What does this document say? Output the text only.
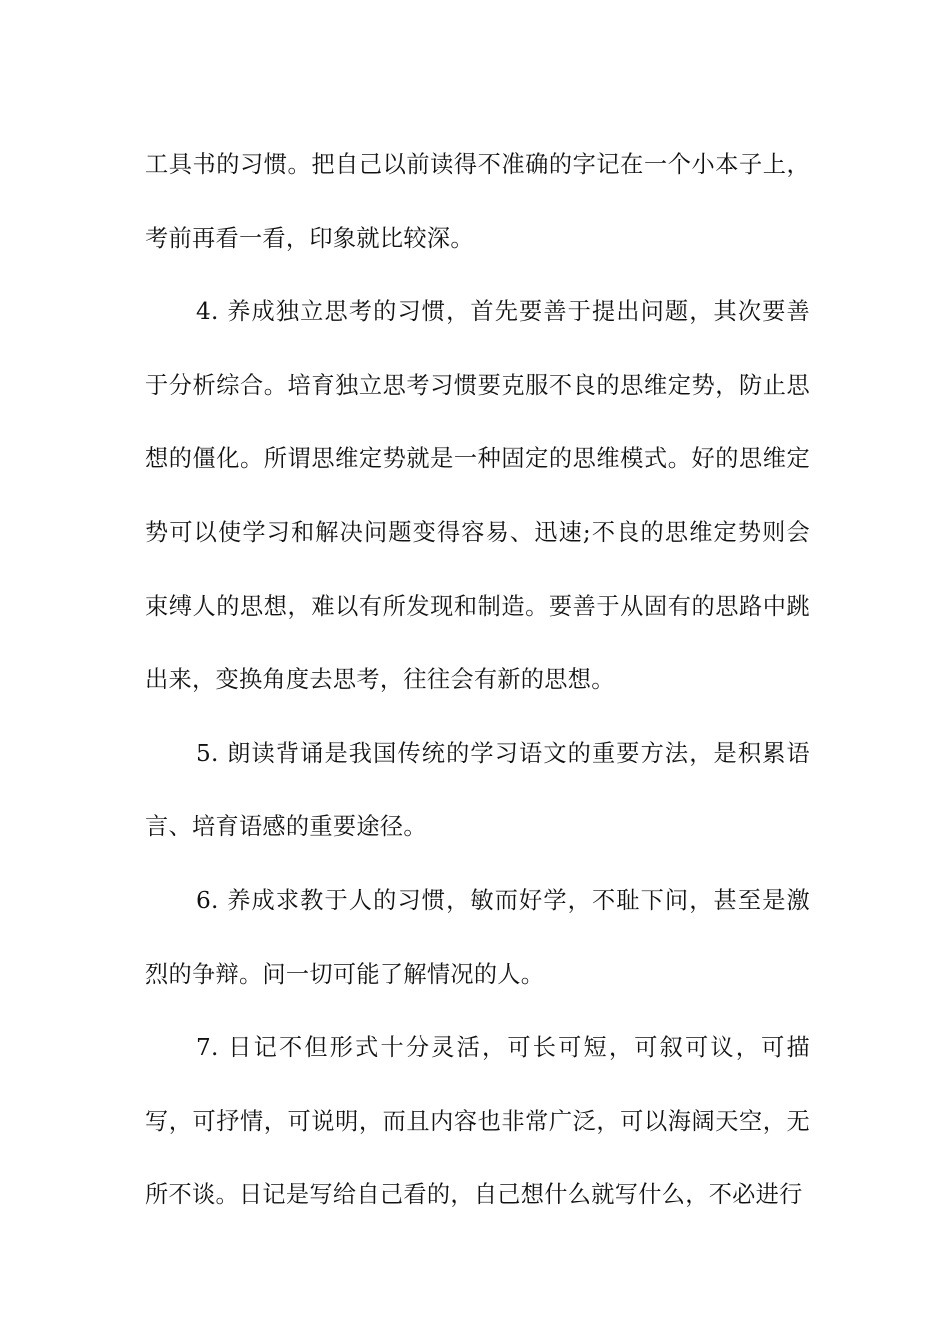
工具书的习惯。把自己以前读得不准确的字记在一个小本子上，考前再看一看，印象就比较深。

4. 养成独立思考的习惯，首先要善于提出问题，其次要善于分析综合。培育独立思考习惯要克服不良的思维定势，防止思想的僵化。所谓思维定势就是一种固定的思维模式。好的思维定势可以使学习和解决问题变得容易、迅速;不良的思维定势则会束缚人的思想，难以有所发现和制造。要善于从固有的思路中跳出来，变换角度去思考，往往会有新的思想。

5. 朗读背诵是我国传统的学习语文的重要方法，是积累语言、培育语感的重要途径。

6. 养成求教于人的习惯，敏而好学，不耻下问，甚至是激烈的争辩。问一切可能了解情况的人。

7. 日记不但形式十分灵活，可长可短，可叙可议，可描写，可抒情，可说明，而且内容也非常广泛，可以海阔天空，无所不谈。日记是写给自己看的，自己想什么就写什么，不必进行
